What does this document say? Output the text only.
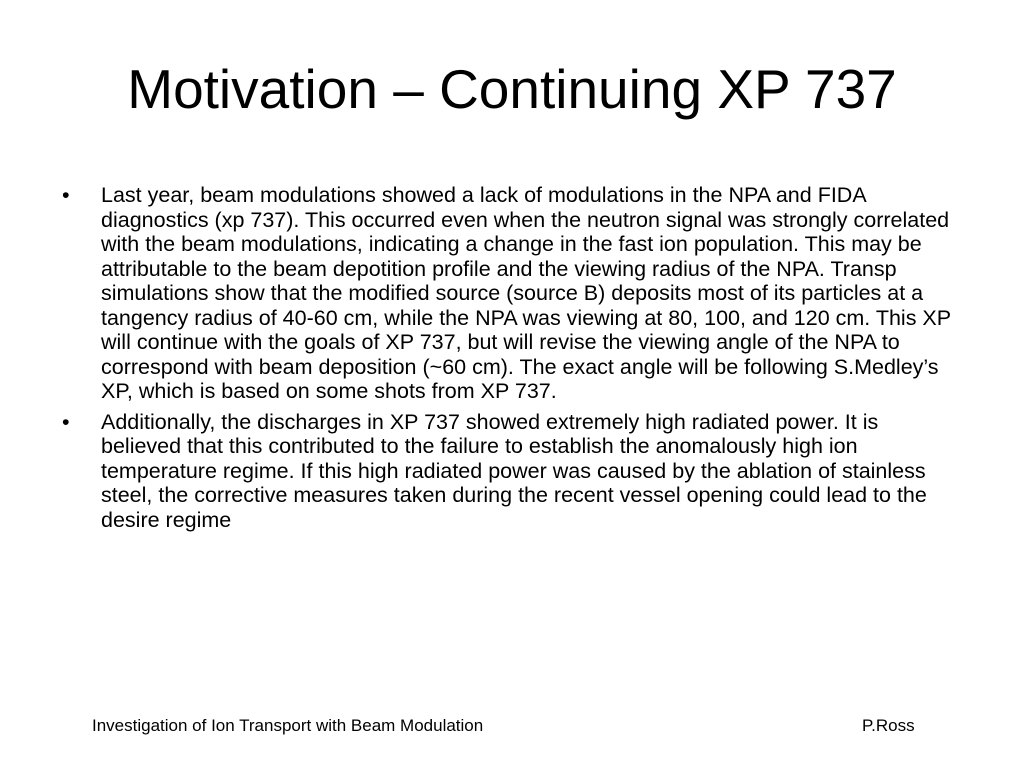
Motivation – Continuing XP 737
•	Last year, beam modulations showed a lack of modulations in the NPA and FIDA diagnostics (xp 737). This occurred even when the neutron signal was strongly correlated with the beam modulations, indicating a change in the fast ion population. This may be attributable to the beam depotition profile and the viewing radius of the NPA. Transp simulations show that the modified source (source B) deposits most of its particles at a tangency radius of 40-60 cm, while the NPA was viewing at 80, 100, and 120 cm. This XP will continue with the goals of XP 737, but will revise the viewing angle of the NPA to correspond with beam deposition (~60 cm). The exact angle will be following S.Medley’s XP, which is based on some shots from XP 737.
•	Additionally, the discharges in XP 737 showed extremely high radiated power. It is believed that this contributed to the failure to establish the anomalously high ion temperature regime. If this high radiated power was caused by the ablation of stainless steel, the corrective measures taken during the recent vessel opening could lead to the desire regime
Investigation of Ion Transport with Beam Modulation	P.Ross
